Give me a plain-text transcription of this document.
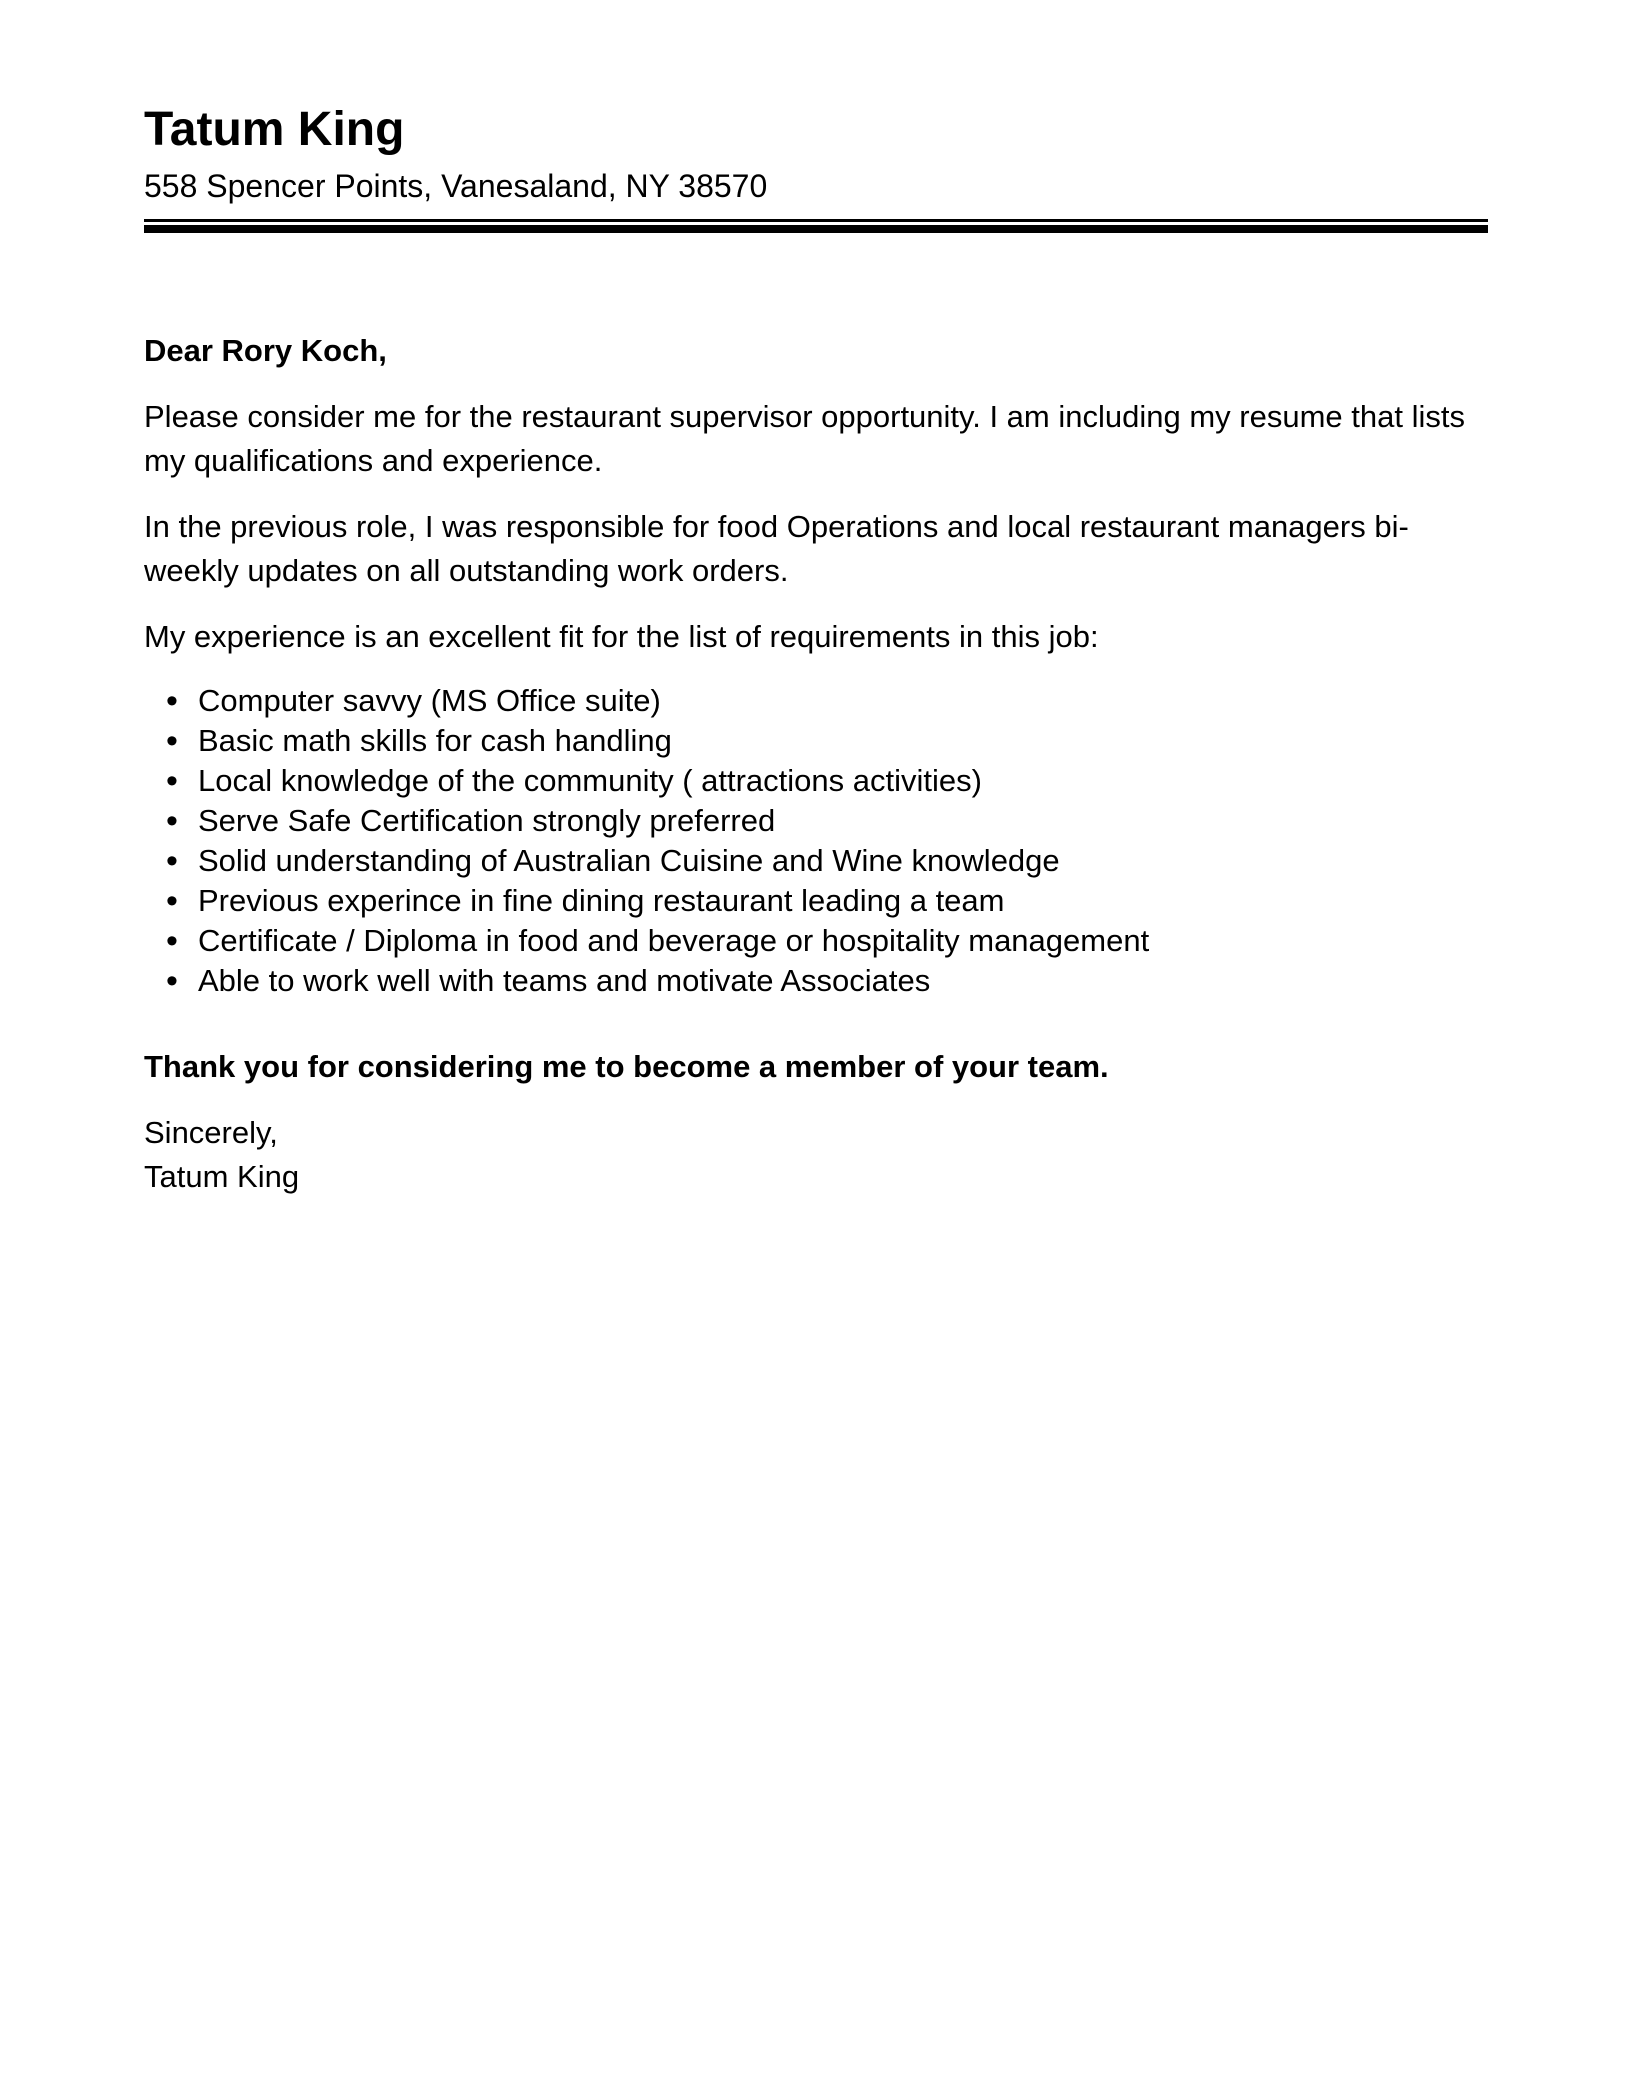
Tatum King
558 Spencer Points, Vanesaland, NY 38570

Dear Rory Koch,

Please consider me for the restaurant supervisor opportunity. I am including my resume that lists my qualifications and experience.

In the previous role, I was responsible for food Operations and local restaurant managers bi-weekly updates on all outstanding work orders.

My experience is an excellent fit for the list of requirements in this job:

• Computer savvy (MS Office suite)
• Basic math skills for cash handling
• Local knowledge of the community ( attractions activities)
• Serve Safe Certification strongly preferred
• Solid understanding of Australian Cuisine and Wine knowledge
• Previous experince in fine dining restaurant leading a team
• Certificate / Diploma in food and beverage or hospitality management
• Able to work well with teams and motivate Associates

Thank you for considering me to become a member of your team.

Sincerely,
Tatum King
